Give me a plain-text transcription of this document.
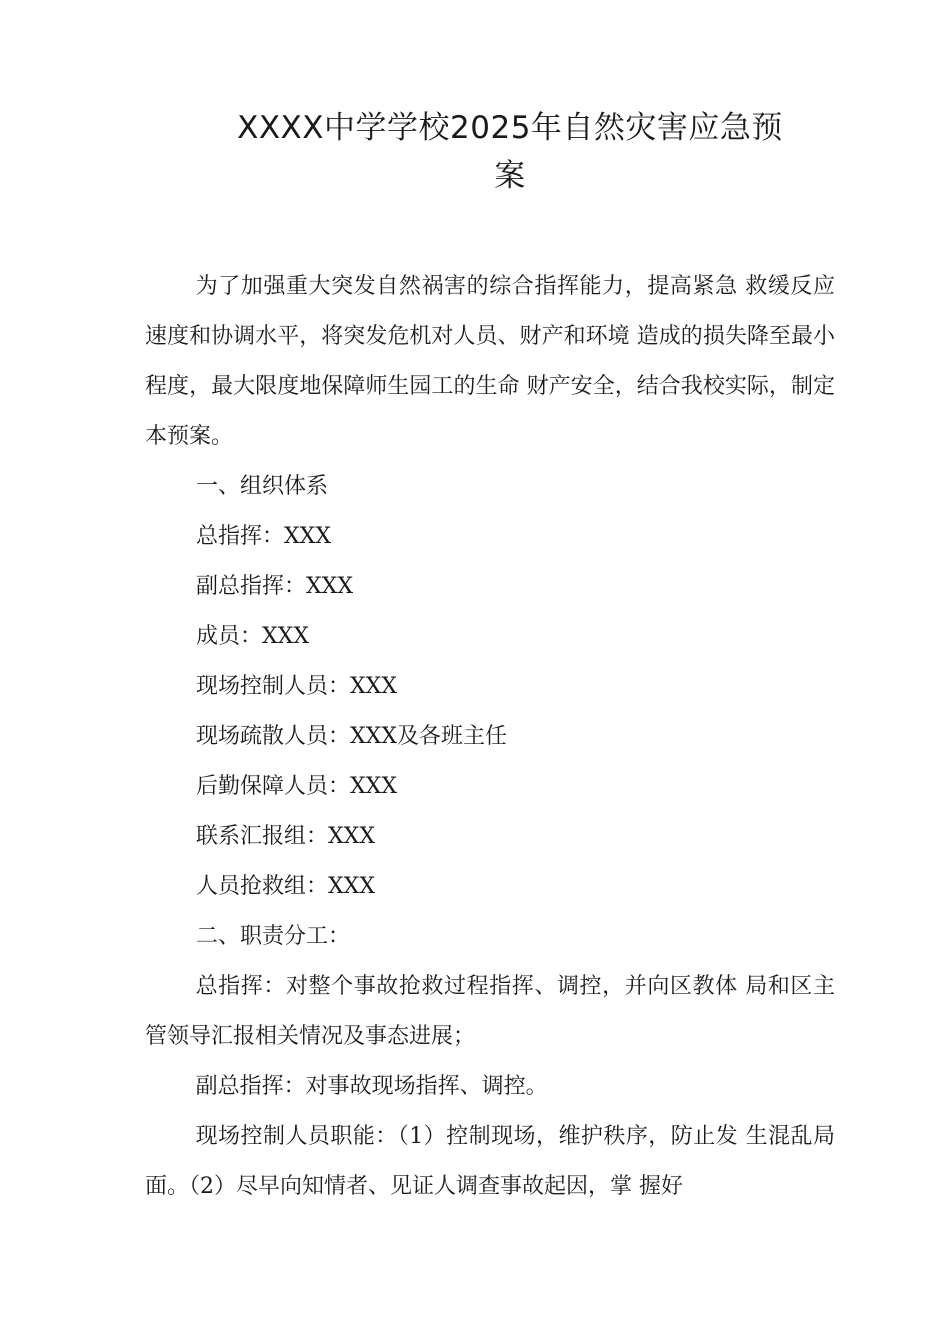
XXXX中学学校2025年自然灾害应急预
案

为了加强重大突发自然祸害的综合指挥能力，提高紧急 救缓反应速度和协调水平，将突发危机对人员、财产和环境 造成的损失降至最小程度，最大限度地保障师生园工的生命 财产安全，结合我校实际，制定本预案。

一、组织体系

总指挥：XXX

副总指挥：XXX

成员：XXX

现场控制人员：XXX

现场疏散人员：XXX及各班主任

后勤保障人员：XXX

联系汇报组：XXX

人员抢救组：XXX

二、职责分工：

总指挥：对整个事故抢救过程指挥、调控，并向区教体 局和区主管领导汇报相关情况及事态进展；

副总指挥：对事故现场指挥、调控。

现场控制人员职能：（1）控制现场，维护秩序，防止发 生混乱局面。（2）尽早向知情者、见证人调查事故起因，掌 握好
